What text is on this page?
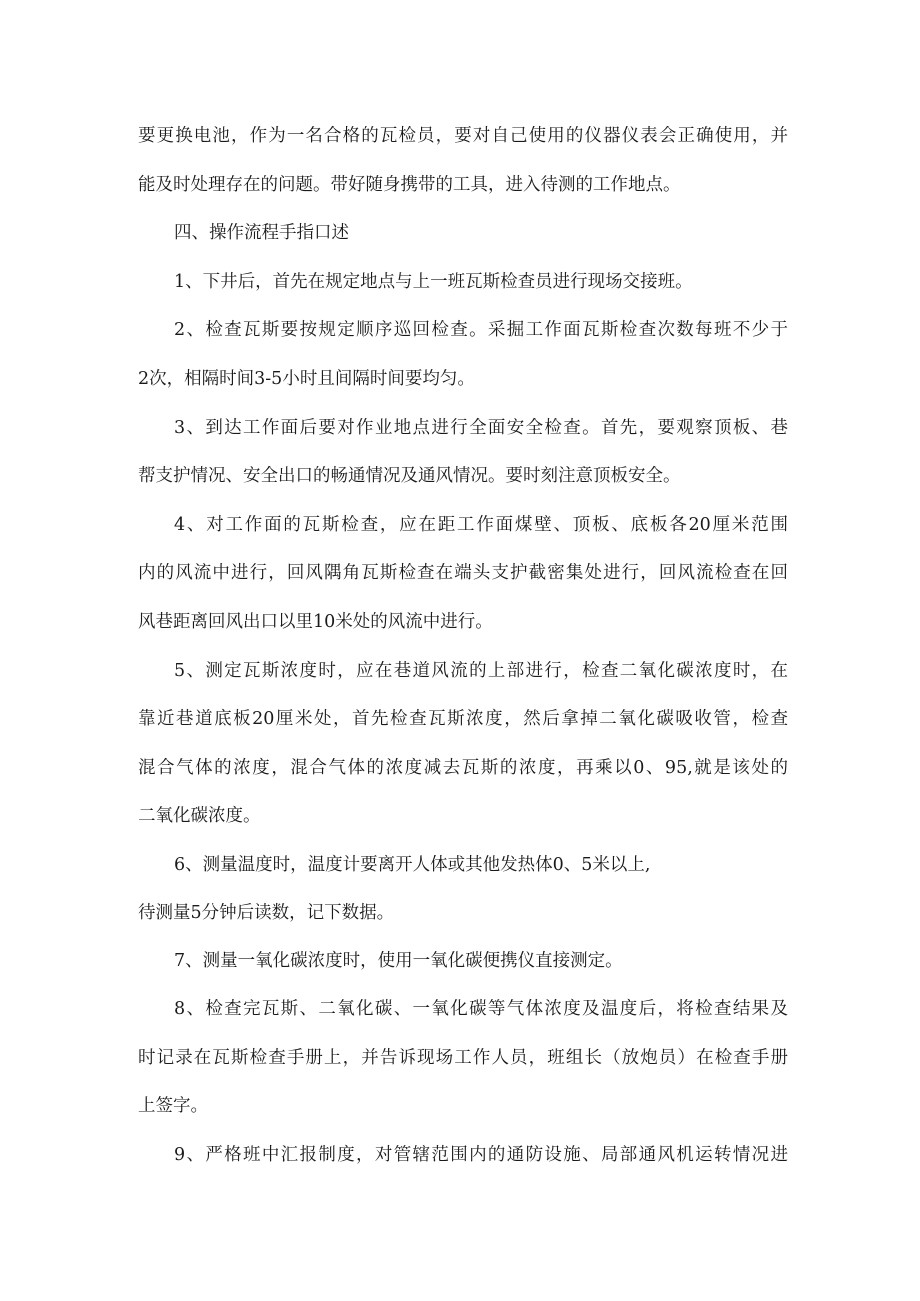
要更换电池，作为一名合格的瓦检员，要对自己使用的仪器仪表会正确使用，并
能及时处理存在的问题。带好随身携带的工具，进入待测的工作地点。
四、操作流程手指口述
1、下井后，首先在规定地点与上一班瓦斯检查员进行现场交接班。
2、检查瓦斯要按规定顺序巡回检查。采掘工作面瓦斯检查次数每班不少于
2次，相隔时间3-5小时且间隔时间要均匀。
3、到达工作面后要对作业地点进行全面安全检查。首先，要观察顶板、巷
帮支护情况、安全出口的畅通情况及通风情况。要时刻注意顶板安全。
4、对工作面的瓦斯检查，应在距工作面煤壁、顶板、底板各20厘米范围
内的风流中进行，回风隅角瓦斯检查在端头支护截密集处进行，回风流检查在回
风巷距离回风出口以里10米处的风流中进行。
5、测定瓦斯浓度时，应在巷道风流的上部进行，检查二氧化碳浓度时，在
靠近巷道底板20厘米处，首先检查瓦斯浓度，然后拿掉二氧化碳吸收管，检查
混合气体的浓度，混合气体的浓度减去瓦斯的浓度，再乘以0、95,就是该处的
二氧化碳浓度。
6、测量温度时，温度计要离开人体或其他发热体0、5米以上,
待测量5分钟后读数，记下数据。
7、测量一氧化碳浓度时，使用一氧化碳便携仪直接测定。
8、检查完瓦斯、二氧化碳、一氧化碳等气体浓度及温度后，将检查结果及
时记录在瓦斯检查手册上，并告诉现场工作人员，班组长（放炮员）在检查手册
上签字。
9、严格班中汇报制度，对管辖范围内的通防设施、局部通风机运转情况进
